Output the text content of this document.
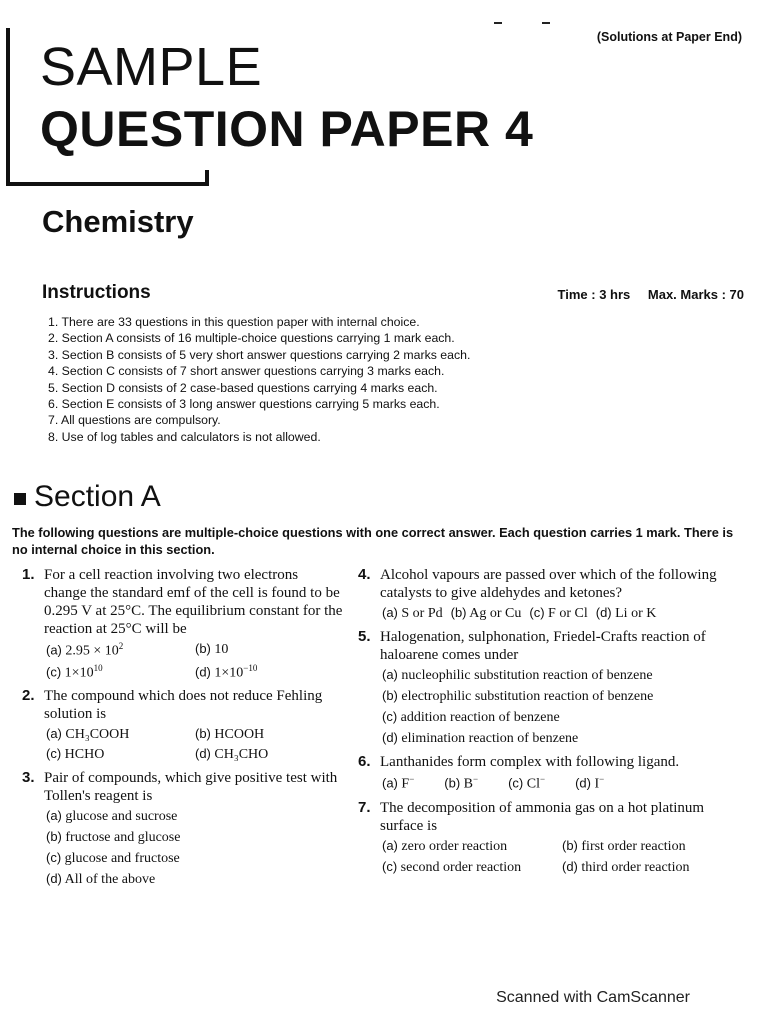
(Solutions at Paper End)
SAMPLE
QUESTION PAPER 4
Chemistry
Instructions	Time : 3 hrs Max. Marks : 70
1. There are 33 questions in this question paper with internal choice.
2. Section A consists of 16 multiple-choice questions carrying 1 mark each.
3. Section B consists of 5 very short answer questions carrying 2 marks each.
4. Section C consists of 7 short answer questions carrying 3 marks each.
5. Section D consists of 2 case-based questions carrying 4 marks each.
6. Section E consists of 3 long answer questions carrying 5 marks each.
7. All questions are compulsory.
8. Use of log tables and calculators is not allowed.
Section A
The following questions are multiple-choice questions with one correct answer. Each question carries 1 mark. There is no internal choice in this section.
1. For a cell reaction involving two electrons change the standard emf of the cell is found to be 0.295 V at 25°C. The equilibrium constant for the reaction at 25°C will be
(a) $2.95 \times 10^2$	(b) 10
(c) $1\times 10^{10}$	(d) $1\times 10^{-10}$
2. The compound which does not reduce Fehling solution is
(a) CH₃COOH	(b) HCOOH
(c) HCHO	(d) CH₃CHO
3. Pair of compounds, which give positive test with Tollen's reagent is
(a) glucose and sucrose
(b) fructose and glucose
(c) glucose and fructose
(d) All of the above
4. Alcohol vapours are passed over which of the following catalysts to give aldehydes and ketones?
(a) S or Pd (b) Ag or Cu (c) F or Cl (d) Li or K
5. Halogenation, sulphonation, Friedel-Crafts reaction of haloarene comes under
(a) nucleophilic substitution reaction of benzene
(b) electrophilic substitution reaction of benzene
(c) addition reaction of benzene
(d) elimination reaction of benzene
6. Lanthanides form complex with following ligand.
(a) F− (b) B− (c) Cl− (d) I−
7. The decomposition of ammonia gas on a hot platinum surface is
(a) zero order reaction	(b) first order reaction
(c) second order reaction	(d) third order reaction
Scanned with CamScanner
